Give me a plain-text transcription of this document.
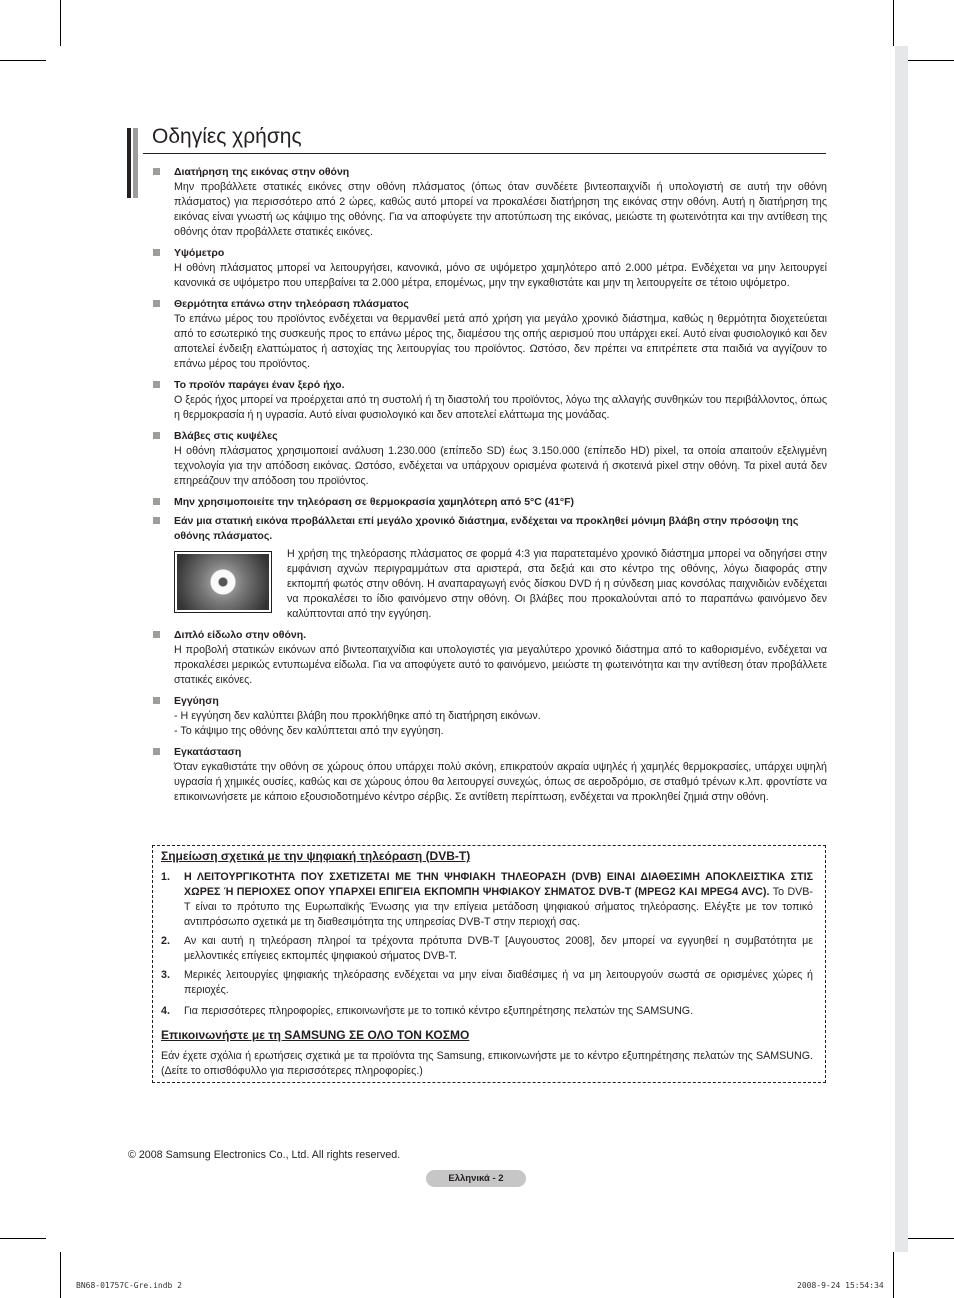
Οδηγίες χρήσης
Διατήρηση της εικόνας στην οθόνη
Μην προβάλλετε στατικές εικόνες στην οθόνη πλάσματος (όπως όταν συνδέετε βιντεοπαιχνίδι ή υπολογιστή σε αυτή την οθόνη πλάσματος) για περισσότερο από 2 ώρες, καθώς αυτό μπορεί να προκαλέσει διατήρηση της εικόνας στην οθόνη. Αυτή η διατήρηση της εικόνας είναι γνωστή ως κάψιμο της οθόνης. Για να αποφύγετε την αποτύπωση της εικόνας, μειώστε τη φωτεινότητα και την αντίθεση της οθόνης όταν προβάλλετε στατικές εικόνες.
Υψόμετρο
Η οθόνη πλάσματος μπορεί να λειτουργήσει, κανονικά, μόνο σε υψόμετρο χαμηλότερο από 2.000 μέτρα. Ενδέχεται να μην λειτουργεί κανονικά σε υψόμετρο που υπερβαίνει τα 2.000 μέτρα, επομένως, μην την εγκαθιστάτε και μην τη λειτουργείτε σε τέτοιο υψόμετρο.
Θερμότητα επάνω στην τηλεόραση πλάσματος
Το επάνω μέρος του προϊόντος ενδέχεται να θερμανθεί μετά από χρήση για μεγάλο χρονικό διάστημα, καθώς η θερμότητα διοχετεύεται από το εσωτερικό της συσκευής προς το επάνω μέρος της, διαμέσου της οπής αερισμού που υπάρχει εκεί. Αυτό είναι φυσιολογικό και δεν αποτελεί ένδειξη ελαττώματος ή αστοχίας της λειτουργίας του προϊόντος. Ωστόσο, δεν πρέπει να επιτρέπετε στα παιδιά να αγγίζουν το επάνω μέρος του προϊόντος.
Το προϊόν παράγει έναν ξερό ήχο.
Ο ξερός ήχος μπορεί να προέρχεται από τη συστολή ή τη διαστολή του προϊόντος, λόγω της αλλαγής συνθηκών του περιβάλλοντος, όπως η θερμοκρασία ή η υγρασία. Αυτό είναι φυσιολογικό και δεν αποτελεί ελάττωμα της μονάδας.
Βλάβες στις κυψέλες
Η οθόνη πλάσματος χρησιμοποιεί ανάλυση 1.230.000 (επίπεδο SD) έως 3.150.000 (επίπεδο HD) pixel, τα οποία απαιτούν εξελιγμένη τεχνολογία για την απόδοση εικόνας. Ωστόσο, ενδέχεται να υπάρχουν ορισμένα φωτεινά ή σκοτεινά pixel στην οθόνη. Τα pixel αυτά δεν επηρεάζουν την απόδοση του προϊόντος.
Μην χρησιμοποιείτε την τηλεόραση σε θερμοκρασία χαμηλότερη από 5°C (41°F)
Εάν μια στατική εικόνα προβάλλεται επί μεγάλο χρονικό διάστημα, ενδέχεται να προκληθεί μόνιμη βλάβη στην πρόσοψη της οθόνης πλάσματος.
Η χρήση της τηλεόρασης πλάσματος σε φορμά 4:3 για παρατεταμένο χρονικό διάστημα μπορεί να οδηγήσει στην εμφάνιση αχνών περιγραμμάτων στα αριστερά, στα δεξιά και στο κέντρο της οθόνης, λόγω διαφοράς στην εκπομπή φωτός στην οθόνη. Η αναπαραγωγή ενός δίσκου DVD ή η σύνδεση μιας κονσόλας παιχνιδιών ενδέχεται να προκαλέσει το ίδιο φαινόμενο στην οθόνη. Οι βλάβες που προκαλούνται από το παραπάνω φαινόμενο δεν καλύπτονται από την εγγύηση.
Διπλό είδωλο στην οθόνη.
Η προβολή στατικών εικόνων από βιντεοπαιχνίδια και υπολογιστές για μεγαλύτερο χρονικό διάστημα από το καθορισμένο, ενδέχεται να προκαλέσει μερικώς εντυπωμένα είδωλα. Για να αποφύγετε αυτό το φαινόμενο, μειώστε τη φωτεινότητα και την αντίθεση όταν προβάλλετε στατικές εικόνες.
Εγγύηση
- Η εγγύηση δεν καλύπτει βλάβη που προκλήθηκε από τη διατήρηση εικόνων.
- Το κάψιμο της οθόνης δεν καλύπτεται από την εγγύηση.
Εγκατάσταση
Όταν εγκαθιστάτε την οθόνη σε χώρους όπου υπάρχει πολύ σκόνη, επικρατούν ακραία υψηλές ή χαμηλές θερμοκρασίες, υπάρχει υψηλή υγρασία ή χημικές ουσίες, καθώς και σε χώρους όπου θα λειτουργεί συνεχώς, όπως σε αεροδρόμιο, σε σταθμό τρένων κ.λπ. φροντίστε να επικοινωνήσετε με κάποιο εξουσιοδοτημένο κέντρο σέρβις. Σε αντίθετη περίπτωση, ενδέχεται να προκληθεί ζημιά στην οθόνη.
Σημείωση σχετικά με την ψηφιακή τηλεόραση (DVB-T)
1. Η ΛΕΙΤΟΥΡΓΙΚΟΤΗΤΑ ΠΟΥ ΣΧΕΤΙΖΕΤΑΙ ΜΕ ΤΗΝ ΨΗΦΙΑΚΗ ΤΗΛΕΟΡΑΣΗ (DVB) ΕΙΝΑΙ ΔΙΑΘΕΣΙΜΗ ΑΠΟΚΛΕΙΣΤΙΚΑ ΣΤΙΣ ΧΩΡΕΣ Ή ΠΕΡΙΟΧΕΣ ΟΠΟΥ ΥΠΑΡΧΕΙ ΕΠΙΓΕΙΑ ΕΚΠΟΜΠΗ ΨΗΦΙΑΚΟΥ ΣΗΜΑΤΟΣ DVB-T (MPEG2 ΚΑΙ MPEG4 AVC). Το DVB-T είναι το πρότυπο της Ευρωπαϊκής Ένωσης για την επίγεια μετάδοση ψηφιακού σήματος τηλεόρασης. Ελέγξτε με τον τοπικό αντιπρόσωπο σχετικά με τη διαθεσιμότητα της υπηρεσίας DVB-T στην περιοχή σας.
2. Αν και αυτή η τηλεόραση πληροί τα τρέχοντα πρότυπα DVB-T [Αυγουστος 2008], δεν μπορεί να εγγυηθεί η συμβατότητα με μελλοντικές επίγειες εκπομπές ψηφιακού σήματος DVB-T.
3. Μερικές λειτουργίες ψηφιακής τηλεόρασης ενδέχεται να μην είναι διαθέσιμες ή να μη λειτουργούν σωστά σε ορισμένες χώρες ή περιοχές.
4. Για περισσότερες πληροφορίες, επικοινωνήστε με το τοπικό κέντρο εξυπηρέτησης πελατών της SAMSUNG.
Επικοινωνήστε με τη SAMSUNG ΣΕ ΟΛΟ ΤΟΝ ΚΟΣΜΟ
Εάν έχετε σχόλια ή ερωτήσεις σχετικά με τα προϊόντα της Samsung, επικοινωνήστε με το κέντρο εξυπηρέτησης πελατών της SAMSUNG. (Δείτε το οπισθόφυλλο για περισσότερες πληροφορίες.)
© 2008 Samsung Electronics Co., Ltd. All rights reserved.
Ελληνικά - 2
BN68-01757C-Gre.indb 2	2008-9-24 15:54:34
